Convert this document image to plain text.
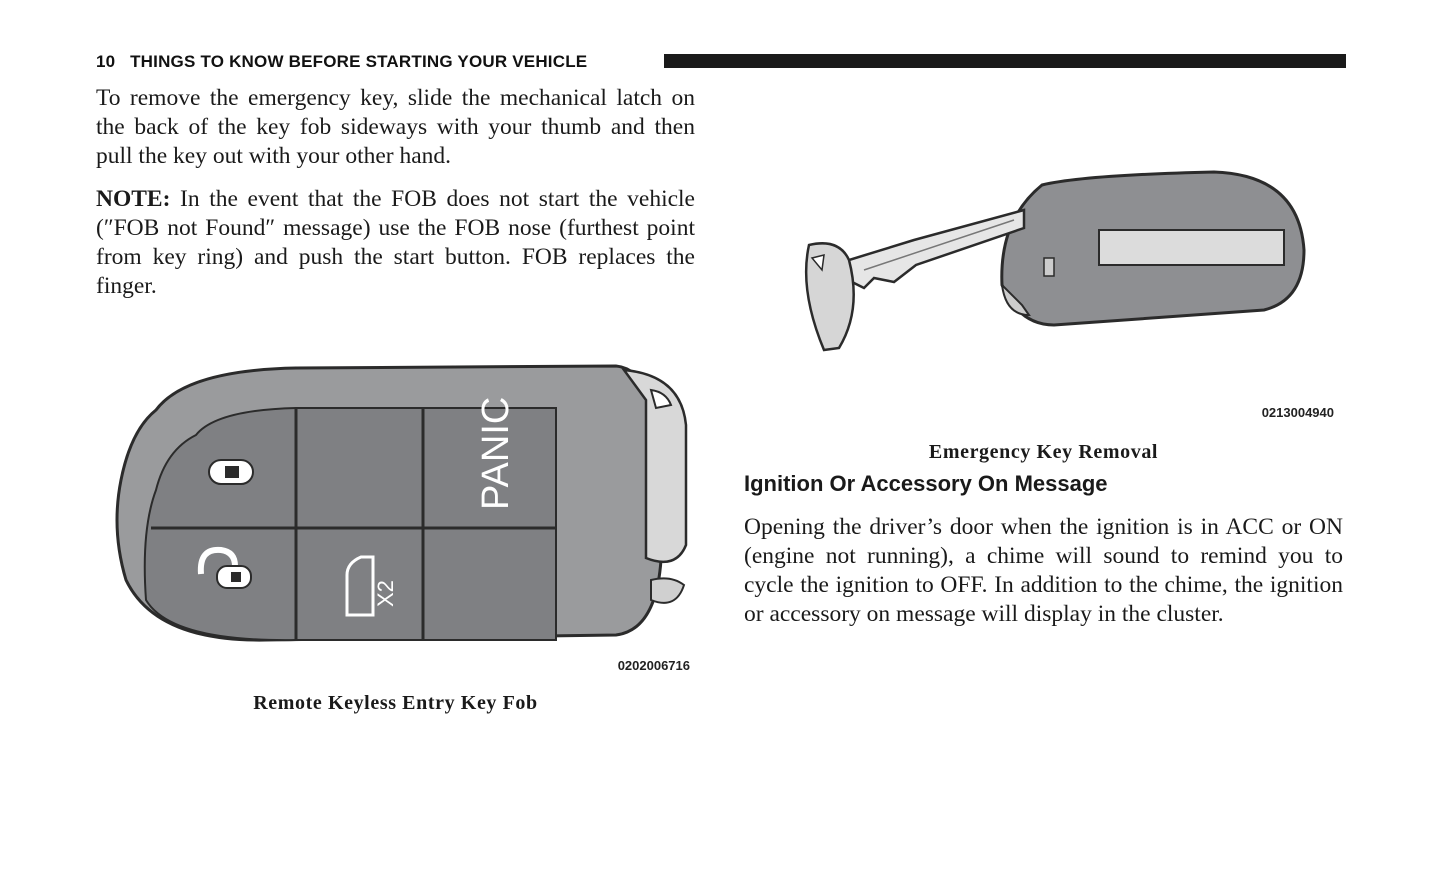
10 THINGS TO KNOW BEFORE STARTING YOUR VEHICLE
To remove the emergency key, slide the mechanical latch on the back of the key fob sideways with your thumb and then pull the key out with your other hand.
NOTE: In the event that the FOB does not start the vehicle (″FOB not Found″ message) use the FOB nose (furthest point from key ring) and push the start button. FOB replaces the finger.
X2
PANIC
0202006716
Remote Keyless Entry Key Fob
0213004940
Emergency Key Removal
Ignition Or Accessory On Message
Opening the driver’s door when the ignition is in ACC or ON (engine not running), a chime will sound to remind you to cycle the ignition to OFF. In addition to the chime, the ignition or accessory on message will display in the cluster.
